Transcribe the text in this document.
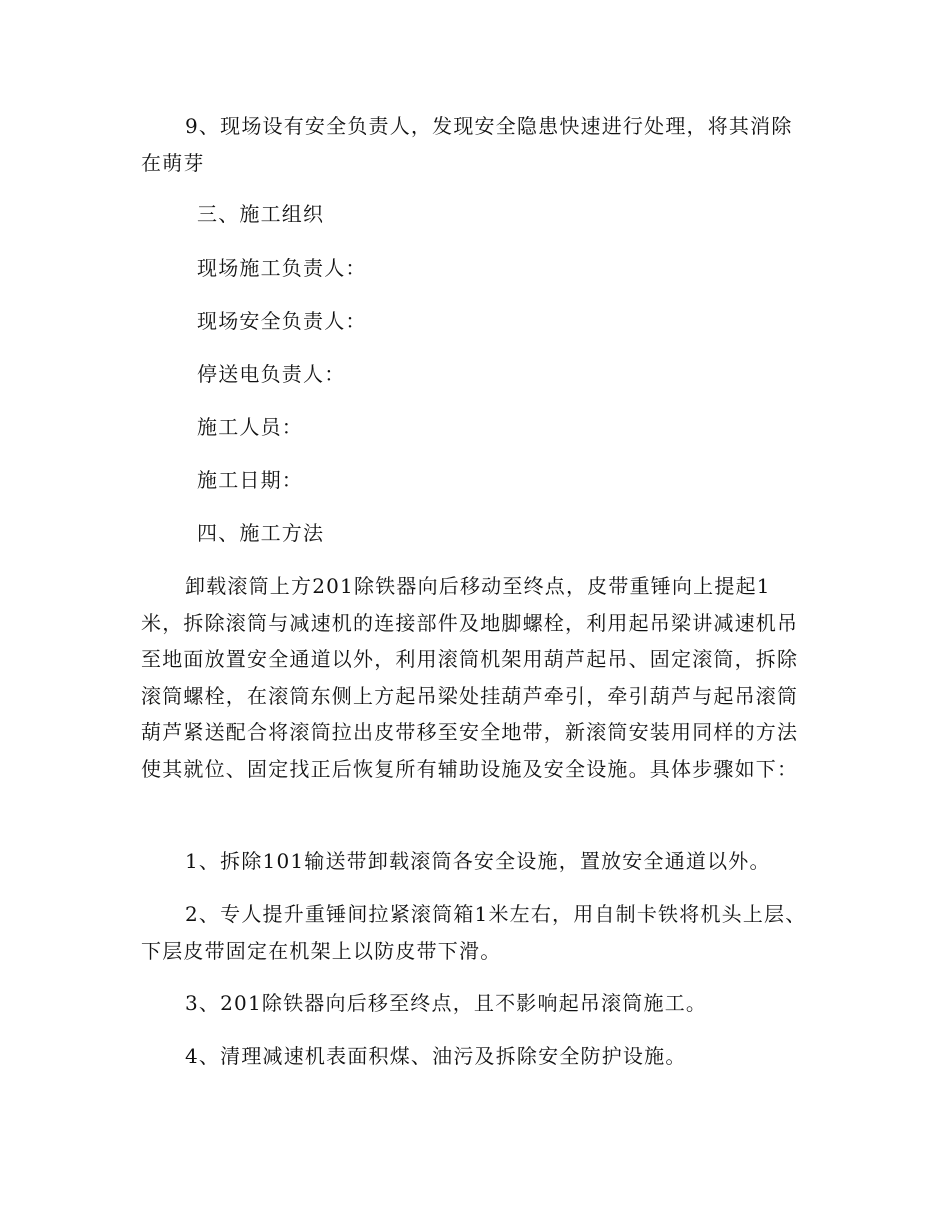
9、现场设有安全负责人，发现安全隐患快速进行处理，将其消除在萌芽

三、施工组织

现场施工负责人：

现场安全负责人：

停送电负责人：

施工人员：

施工日期：

四、施工方法

卸载滚筒上方201除铁器向后移动至终点，皮带重锤向上提起1米，拆除滚筒与减速机的连接部件及地脚螺栓，利用起吊梁讲减速机吊至地面放置安全通道以外，利用滚筒机架用葫芦起吊、固定滚筒，拆除滚筒螺栓，在滚筒东侧上方起吊梁处挂葫芦牵引，牵引葫芦与起吊滚筒葫芦紧送配合将滚筒拉出皮带移至安全地带，新滚筒安装用同样的方法使其就位、固定找正后恢复所有辅助设施及安全设施。具体步骤如下：

1、拆除101输送带卸载滚筒各安全设施，置放安全通道以外。

2、专人提升重锤间拉紧滚筒箱1米左右，用自制卡铁将机头上层、下层皮带固定在机架上以防皮带下滑。

3、201除铁器向后移至终点，且不影响起吊滚筒施工。

4、清理减速机表面积煤、油污及拆除安全防护设施。
